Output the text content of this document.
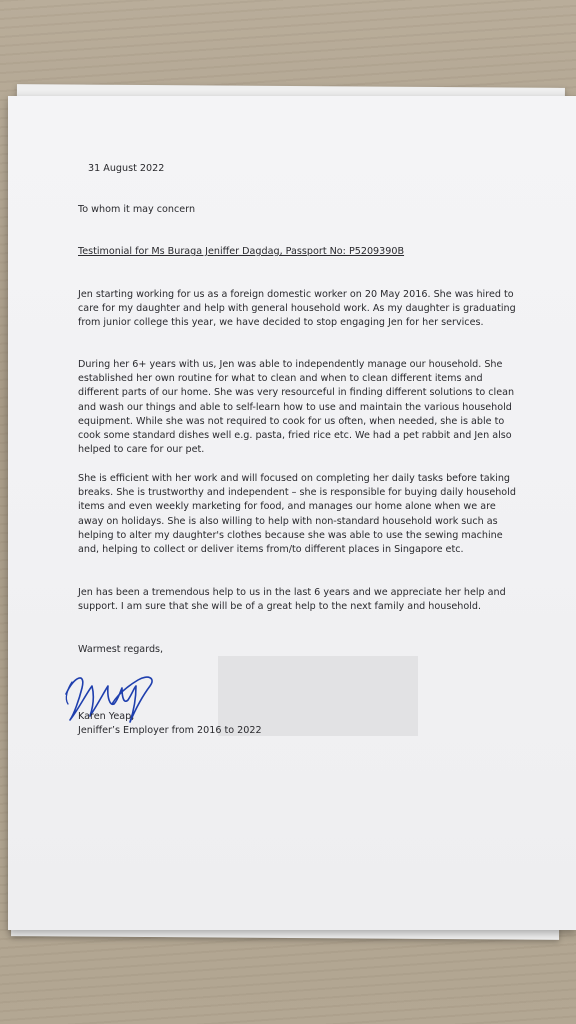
31 August 2022
To whom it may concern
Testimonial for Ms Buraga Jeniffer Dagdag, Passport No: P5209390B

Jen starting working for us as a foreign domestic worker on 20 May 2016. She was hired to care for my daughter and help with general household work. As my daughter is graduating from junior college this year, we have decided to stop engaging Jen for her services.

During her 6+ years with us, Jen was able to independently manage our household. She established her own routine for what to clean and when to clean different items and different parts of our home. She was very resourceful in finding different solutions to clean and wash our things and able to self-learn how to use and maintain the various household equipment. While she was not required to cook for us often, when needed, she is able to cook some standard dishes well e.g. pasta, fried rice etc. We had a pet rabbit and Jen also helped to care for our pet.

She is efficient with her work and will focused on completing her daily tasks before taking breaks. She is trustworthy and independent – she is responsible for buying daily household items and even weekly marketing for food, and manages our home alone when we are away on holidays. She is also willing to help with non-standard household work such as helping to alter my daughter's clothes because she was able to use the sewing machine and, helping to collect or deliver items from/to different places in Singapore etc.

Jen has been a tremendous help to us in the last 6 years and we appreciate her help and support. I am sure that she will be of a great help to the next family and household.

Warmest regards,
Karen Yeap,
Jeniffer’s Employer from 2016 to 2022
